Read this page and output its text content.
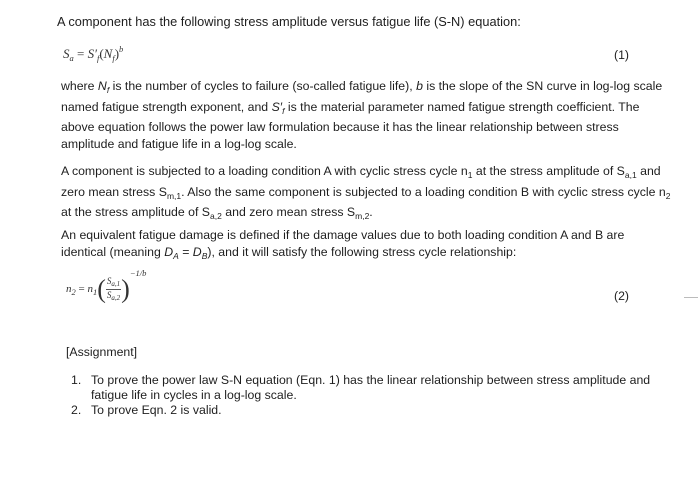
A component has the following stress amplitude versus fatigue life (S-N) equation:
$S_a = S'_f(N_f)^b$	(1)
where $N_f$ is the number of cycles to failure (so-called fatigue life), b is the slope of the SN curve in log-log scale named fatigue strength exponent, and $S'_f$ is the material parameter named fatigue strength coefficient. The above equation follows the power law formulation because it has the linear relationship between stress amplitude and fatigue life in a log-log scale.
A component is subjected to a loading condition A with cyclic stress cycle $n_1$ at the stress amplitude of $S_{a,1}$ and zero mean stress $S_{m,1}$. Also the same component is subjected to a loading condition B with cyclic stress cycle $n_2$ at the stress amplitude of $S_{a,2}$ and zero mean stress $S_{m,2}$.
An equivalent fatigue damage is defined if the damage values due to both loading condition A and B are identical (meaning $D_A = D_B$), and it will satisfy the following stress cycle relationship:
$n_2 = n_1( \frac{S_{a,1}}{S_{a,2}} )^{-1/b}$
(2)
[Assignment]
1. To prove the power law S-N equation (Eqn. 1) has the linear relationship between stress amplitude and fatigue life in cycles in a log-log scale.
2. To prove Eqn. 2 is valid.
